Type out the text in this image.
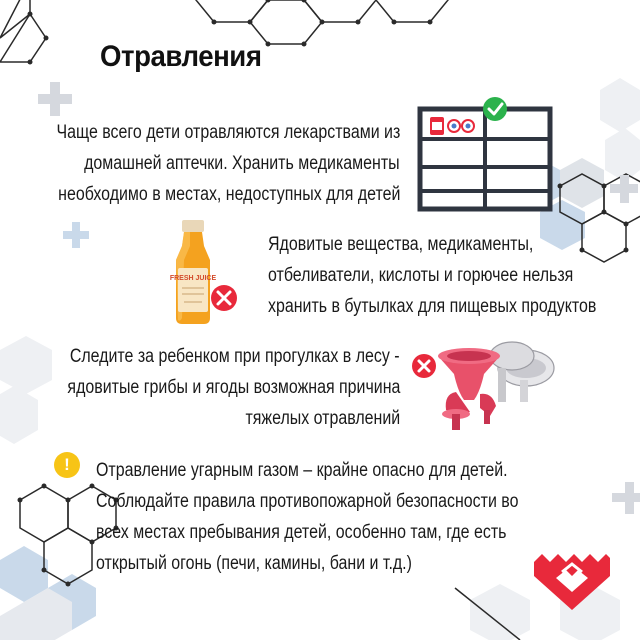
Отравления
Чаще всего дети отравляются лекарствами из
домашней аптечки. Хранить медикаменты
необходимо в местах, недоступных для детей
Ядовитые вещества, медикаменты,
отбеливатели, кислоты и горючее нельзя
хранить в бутылках для пищевых продуктов
FRESH JUICE
Следите за ребенком при прогулках в лесу -
ядовитые грибы и ягоды возможная причина
тяжелых отравлений
! Отравление угарным газом – крайне опасно для детей.
Соблюдайте правила противопожарной безопасности во
всех местах пребывания детей, особенно там, где есть
открытый огонь (печи, камины, бани и т.д.)
